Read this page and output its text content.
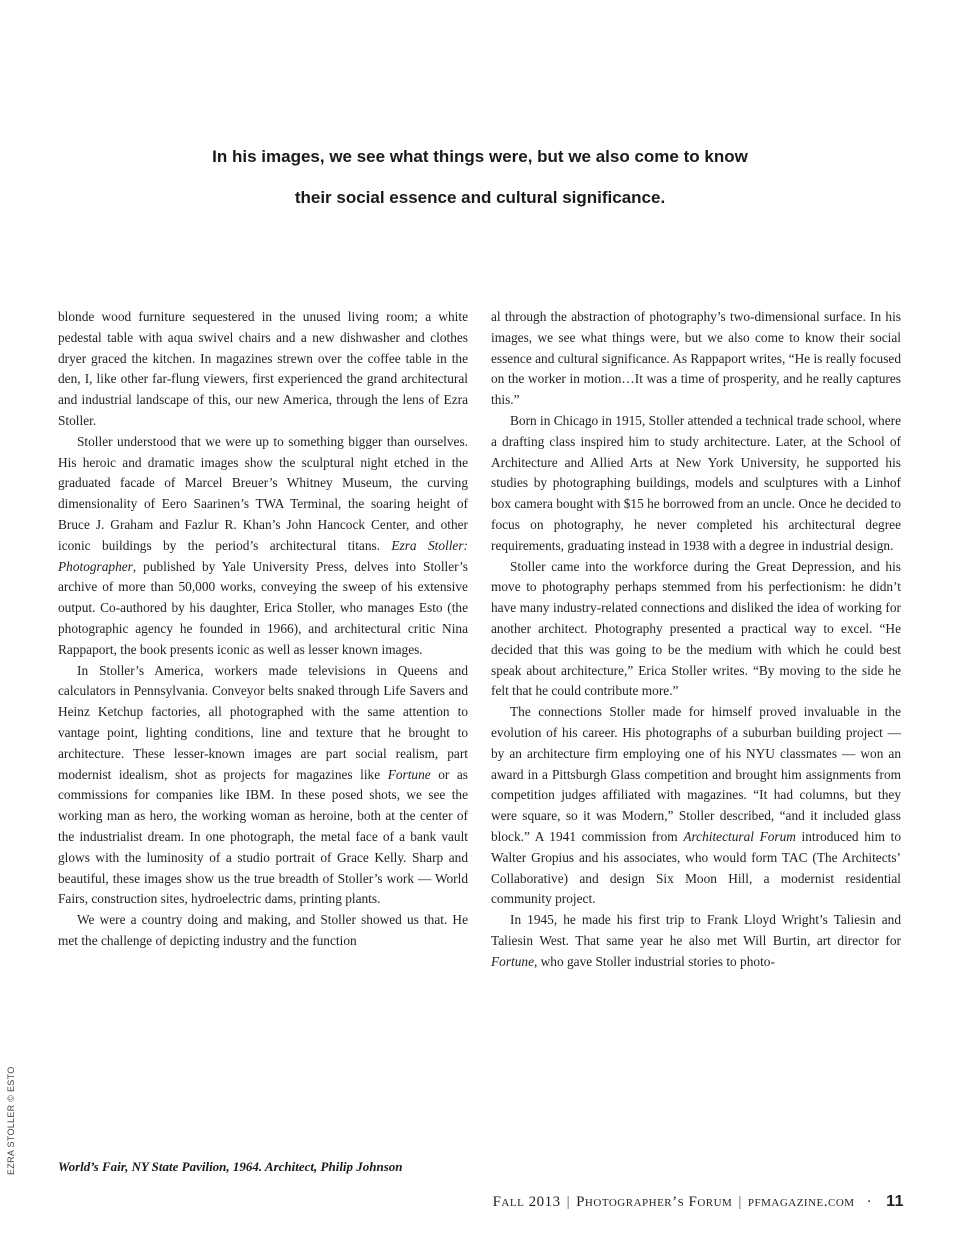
In his images, we see what things were, but we also come to know
their social essence and cultural significance.

blonde wood furniture sequestered in the unused living room; a white pedestal table with aqua swivel chairs and a new dishwasher and clothes dryer graced the kitchen. In magazines strewn over the coffee table in the den, I, like other far-flung viewers, first experienced the grand architectural and industrial landscape of this, our new America, through the lens of Ezra Stoller.

Stoller understood that we were up to something bigger than ourselves. His heroic and dramatic images show the sculptural night etched in the graduated facade of Marcel Breuer’s Whitney Museum, the curving dimensionality of Eero Saarinen’s TWA Terminal, the soaring height of Bruce J. Graham and Fazlur R. Khan’s John Hancock Center, and other iconic buildings by the period’s architectural titans. Ezra Stoller: Photographer, published by Yale University Press, delves into Stoller’s archive of more than 50,000 works, conveying the sweep of his extensive output. Co-authored by his daughter, Erica Stoller, who manages Esto (the photographic agency he founded in 1966), and architectural critic Nina Rappaport, the book presents iconic as well as lesser known images.

In Stoller’s America, workers made televisions in Queens and calculators in Pennsylvania. Conveyor belts snaked through Life Savers and Heinz Ketchup factories, all photographed with the same attention to vantage point, lighting conditions, line and texture that he brought to architecture. These lesser-known images are part social realism, part modernist idealism, shot as projects for magazines like Fortune or as commissions for companies like IBM. In these posed shots, we see the working man as hero, the working woman as heroine, both at the center of the industrialist dream. In one photograph, the metal face of a bank vault glows with the luminosity of a studio portrait of Grace Kelly. Sharp and beautiful, these images show us the true breadth of Stoller’s work — World Fairs, construction sites, hydroelectric dams, printing plants.

We were a country doing and making, and Stoller showed us that. He met the challenge of depicting industry and the function

al through the abstraction of photography’s two-dimensional surface. In his images, we see what things were, but we also come to know their social essence and cultural significance. As Rappaport writes, “He is really focused on the worker in motion…It was a time of prosperity, and he really captures this.”

Born in Chicago in 1915, Stoller attended a technical trade school, where a drafting class inspired him to study architecture. Later, at the School of Architecture and Allied Arts at New York University, he supported his studies by photographing buildings, models and sculptures with a Linhof box camera bought with $15 he borrowed from an uncle. Once he decided to focus on photography, he never completed his architectural degree requirements, graduating instead in 1938 with a degree in industrial design.

Stoller came into the workforce during the Great Depression, and his move to photography perhaps stemmed from his perfectionism: he didn’t have many industry-related connections and disliked the idea of working for another architect. Photography presented a practical way to excel. “He decided that this was going to be the medium with which he could best speak about architecture,” Erica Stoller writes. “By moving to the side he felt that he could contribute more.”

The connections Stoller made for himself proved invaluable in the evolution of his career. His photographs of a suburban building project — by an architecture firm employing one of his NYU classmates — won an award in a Pittsburgh Glass competition and brought him assignments from competition judges affiliated with magazines. “It had columns, but they were square, so it was Modern,” Stoller described, “and it included glass block.” A 1941 commission from Architectural Forum introduced him to Walter Gropius and his associates, who would form TAC (The Architects’ Collaborative) and design Six Moon Hill, a modernist residential community project.

In 1945, he made his first trip to Frank Lloyd Wright’s Taliesin and Taliesin West. That same year he also met Will Burtin, art director for Fortune, who gave Stoller industrial stories to photo-

EZRA STOLLER © ESTO	World’s Fair, NY State Pavilion, 1964. Architect, Philip Johnson
Fall 2013 | Photographer’s Forum | pfmagazine.com · 11
